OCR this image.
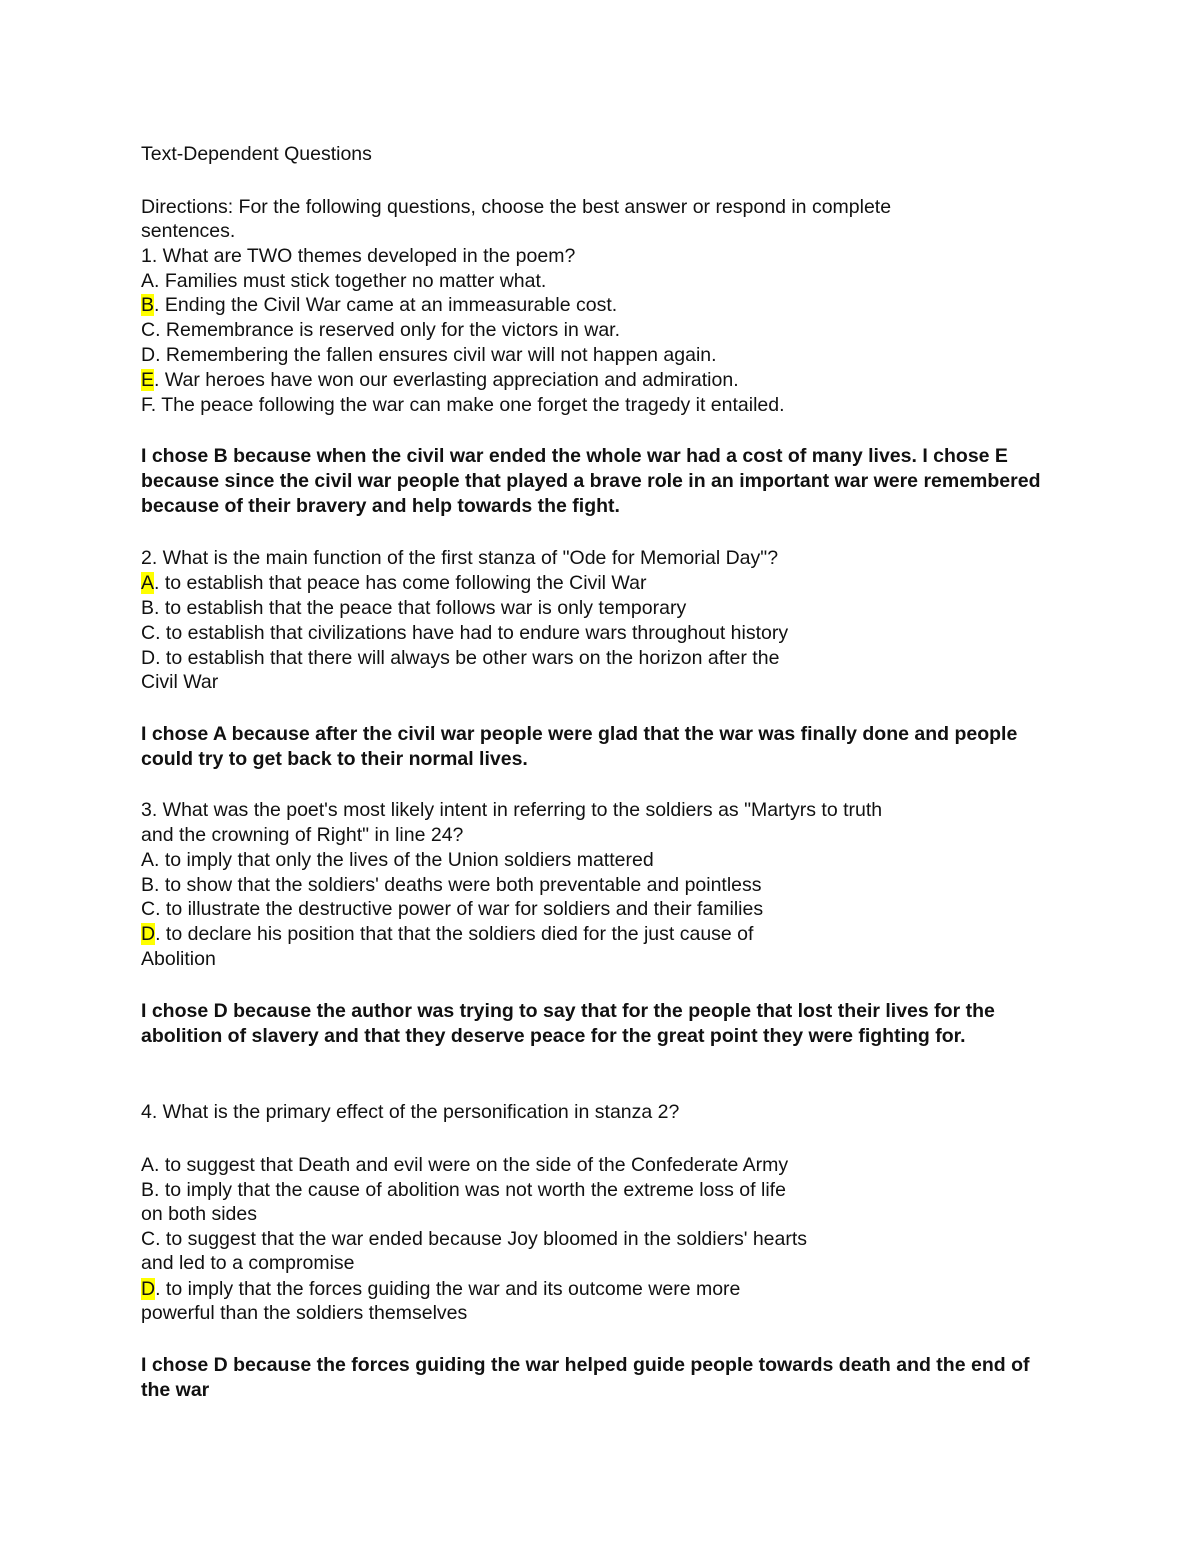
Text-Dependent Questions
Directions: For the following questions, choose the best answer or respond in complete
sentences.
1. What are TWO themes developed in the poem?
A. Families must stick together no matter what.
B. Ending the Civil War came at an immeasurable cost.
C. Remembrance is reserved only for the victors in war.
D. Remembering the fallen ensures civil war will not happen again.
E. War heroes have won our everlasting appreciation and admiration.
F. The peace following the war can make one forget the tragedy it entailed.
I chose B because when the civil war ended the whole war had a cost of many lives. I chose E because since the civil war people that played a brave role in an important war were remembered because of their bravery and help towards the fight.
2. What is the main function of the first stanza of "Ode for Memorial Day"?
A. to establish that peace has come following the Civil War
B. to establish that the peace that follows war is only temporary
C. to establish that civilizations have had to endure wars throughout history
D. to establish that there will always be other wars on the horizon after the
Civil War
I chose A because after the civil war people were glad that the war was finally done and people could try to get back to their normal lives.
3. What was the poet's most likely intent in referring to the soldiers as "Martyrs to truth
and the crowning of Right" in line 24?
A. to imply that only the lives of the Union soldiers mattered
B. to show that the soldiers' deaths were both preventable and pointless
C. to illustrate the destructive power of war for soldiers and their families
D. to declare his position that that the soldiers died for the just cause of
Abolition
I chose D because the author was trying to say that for the people that lost their lives for the abolition of slavery and that they deserve peace for the great point they were fighting for.
4. What is the primary effect of the personification in stanza 2?
A. to suggest that Death and evil were on the side of the Confederate Army
B. to imply that the cause of abolition was not worth the extreme loss of life
on both sides
C. to suggest that the war ended because Joy bloomed in the soldiers' hearts
and led to a compromise
D. to imply that the forces guiding the war and its outcome were more
powerful than the soldiers themselves
I chose D because the forces guiding the war helped guide people towards death and the end of the war
